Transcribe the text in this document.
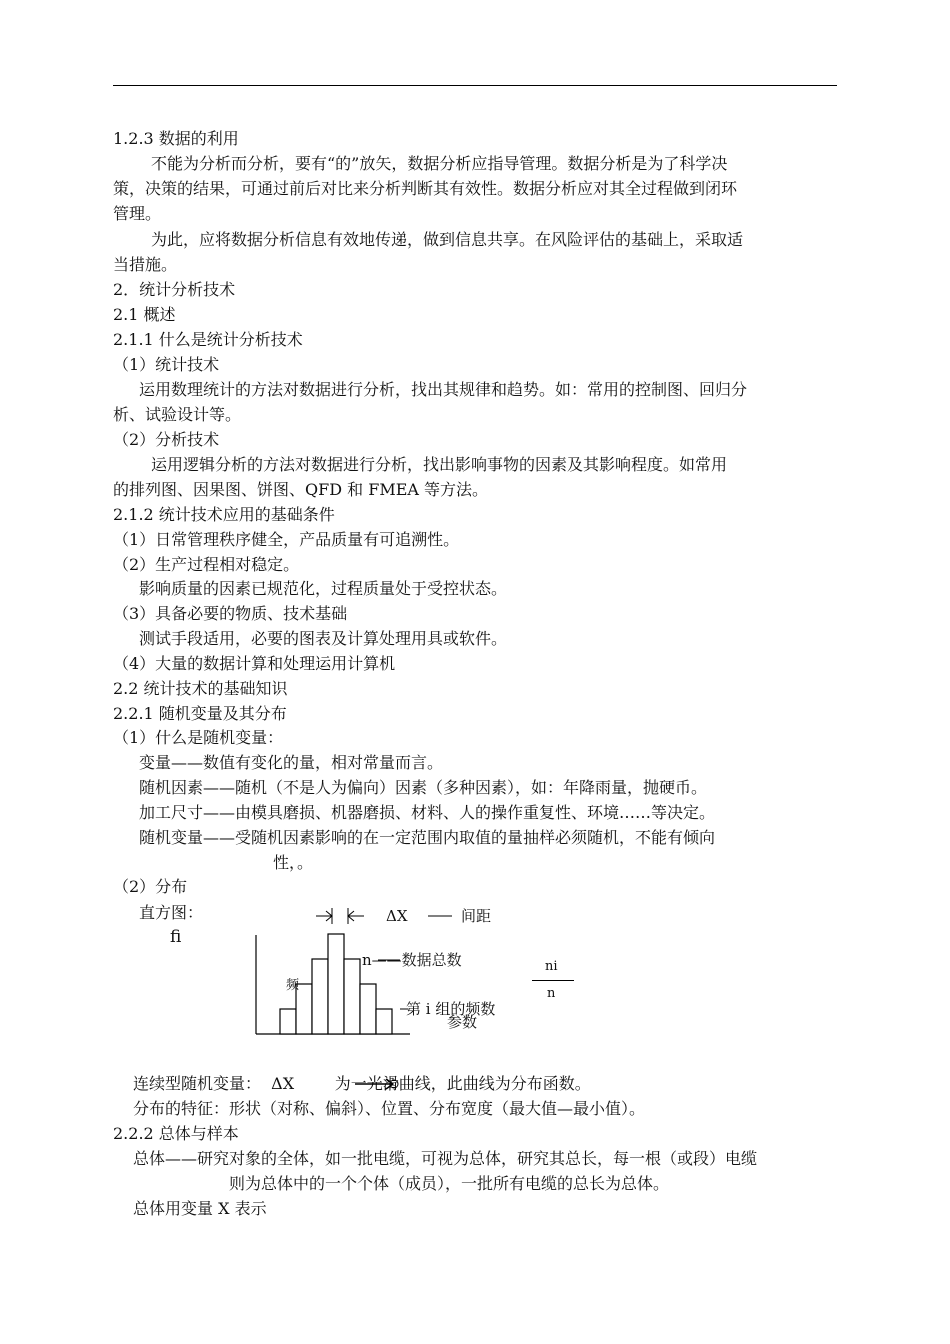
1.2.3 数据的利用
不能为分析而分析，要有“的”放矢，数据分析应指导管理。数据分析是为了科学决
策，决策的结果，可通过前后对比来分析判断其有效性。数据分析应对其全过程做到闭环
管理。
为此，应将数据分析信息有效地传递，做到信息共享。在风险评估的基础上，采取适
当措施。
2．统计分析技术
2.1 概述
2.1.1 什么是统计分析技术
（1）统计技术
运用数理统计的方法对数据进行分析，找出其规律和趋势。如：常用的控制图、回归分
析、试验设计等。
（2）分析技术
运用逻辑分析的方法对数据进行分析，找出影响事物的因素及其影响程度。如常用
的排列图、因果图、饼图、QFD 和 FMEA 等方法。
2.1.2 统计技术应用的基础条件
（1）日常管理秩序健全，产品质量有可追溯性。
（2）生产过程相对稳定。
影响质量的因素已规范化，过程质量处于受控状态。
（3）具备必要的物质、技术基础
测试手段适用，必要的图表及计算处理用具或软件。
（4）大量的数据计算和处理运用计算机
2.2 统计技术的基础知识
2.2.1 随机变量及其分布
（1）什么是随机变量：
变量——数值有变化的量，相对常量而言。
随机因素——随机（不是人为偏向）因素（多种因素），如：年降雨量，抛硬币。
加工尺寸——由模具磨损、机器磨损、材料、人的操作重复性、环境……等决定。
随机变量——受随机因素影响的在一定范围内取值的量抽样必须随机，不能有倾向
性，。
（2）分布
直方图：
fi
ΔX	间距
n——数据总数
频
第 i 组的频数
参数
ni
n
连续型随机变量：  ΔX        为一光滑曲线，此曲线为分布函数。
分布的特征：形状（对称、偏斜）、位置、分布宽度（最大值—最小值）。
2.2.2 总体与样本
总体——研究对象的全体，如一批电缆，可视为总体，研究其总长，每一根（或段）电缆
则为总体中的一个个体（成员），一批所有电缆的总长为总体。
总体用变量 X 表示
